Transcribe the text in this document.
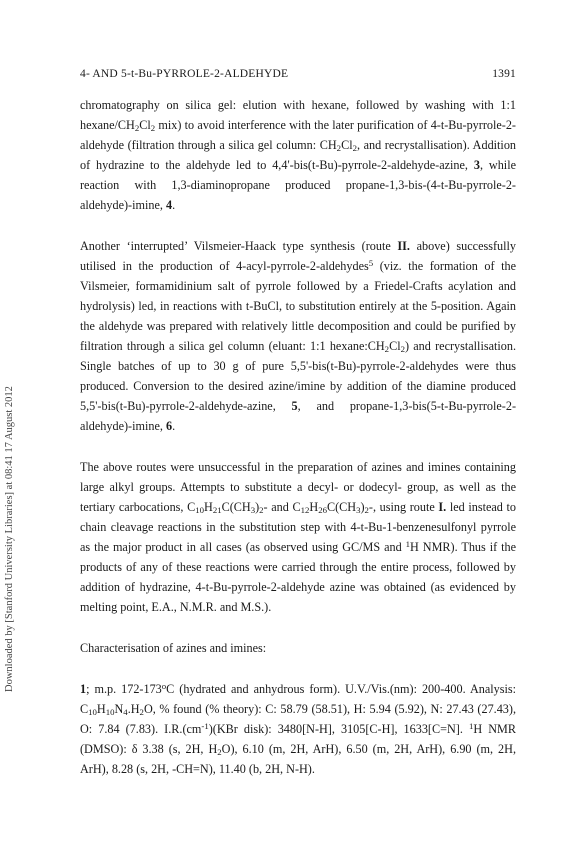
4- AND 5-t-Bu-PYRROLE-2-ALDEHYDE	1391
Downloaded by [Stanford University Libraries] at 08:41 17 August 2012

chromatography on silica gel: elution with hexane, followed by washing with 1:1 hexane/$CH_2Cl_2$ mix) to avoid interference with the later purification of 4-t-Bu-pyrrole-2-aldehyde (filtration through a silica gel column: $CH_2Cl_2$, and recrystallisation). Addition of hydrazine to the aldehyde led to 4,4'-bis(t-Bu)-pyrrole-2-aldehyde-azine, 3, while reaction with 1,3-diaminopropane produced propane-1,3-bis-(4-t-Bu-pyrrole-2-aldehyde)-imine, 4.

Another ‘interrupted’ Vilsmeier-Haack type synthesis (route II. above) successfully utilised in the production of 4-acyl-pyrrole-2-aldehydes$^5$ (viz. the formation of the Vilsmeier, formamidinium salt of pyrrole followed by a Friedel-Crafts acylation and hydrolysis) led, in reactions with t-BuCl, to substitution entirely at the 5-position. Again the aldehyde was prepared with relatively little decomposition and could be purified by filtration through a silica gel column (eluant: 1:1 $hexane:CH_2Cl_2$) and recrystallisation. Single batches of up to 30 g of pure 5,5'-bis(t-Bu)-pyrrole-2-aldehydes were thus produced. Conversion to the desired azine/imine by addition of the diamine produced 5,5'-bis(t-Bu)-pyrrole-2-aldehyde-azine, 5, and propane-1,3-bis(5-t-Bu-pyrrole-2-aldehyde)-imine, 6.

The above routes were unsuccessful in the preparation of azines and imines containing large alkyl groups. Attempts to substitute a decyl- or dodecyl- group, as well as the tertiary carbocations, $C_{10}H_{21}C(CH_3)_2-$ and $C_{12}H_{26}C(CH_3)_2-$, using route I. led instead to chain cleavage reactions in the substitution step with 4-t-Bu-1-benzenesulfonyl pyrrole as the major product in all cases (as observed using GC/MS and $^1$H NMR). Thus if the products of any of these reactions were carried through the entire process, followed by addition of hydrazine, 4-t-Bu-pyrrole-2-aldehyde azine was obtained (as evidenced by melting point, E.A., N.M.R. and M.S.).

Characterisation of azines and imines:

1; m.p. 172-173$^o$C (hydrated and anhydrous form). U.V./Vis.(nm): 200-400. Analysis: $C_{10}H_{10}N_4.H_2O$, % found (% theory): C: 58.79 (58.51), H: 5.94 (5.92), N: 27.43 (27.43), O: 7.84 (7.83). $I.R.(cm^{-1})(KBr$ disk): 3480[N-H], 3105[C-H], 1633[C=N]. $^1$H NMR (DMSO): δ 3.38 (s, 2H, $H_2O$), 6.10 (m, 2H, ArH), 6.50 (m, 2H, ArH), 6.90 (m, 2H, ArH), 8.28 (s, 2H, -CH=N), 11.40 (b, 2H, N-H).
